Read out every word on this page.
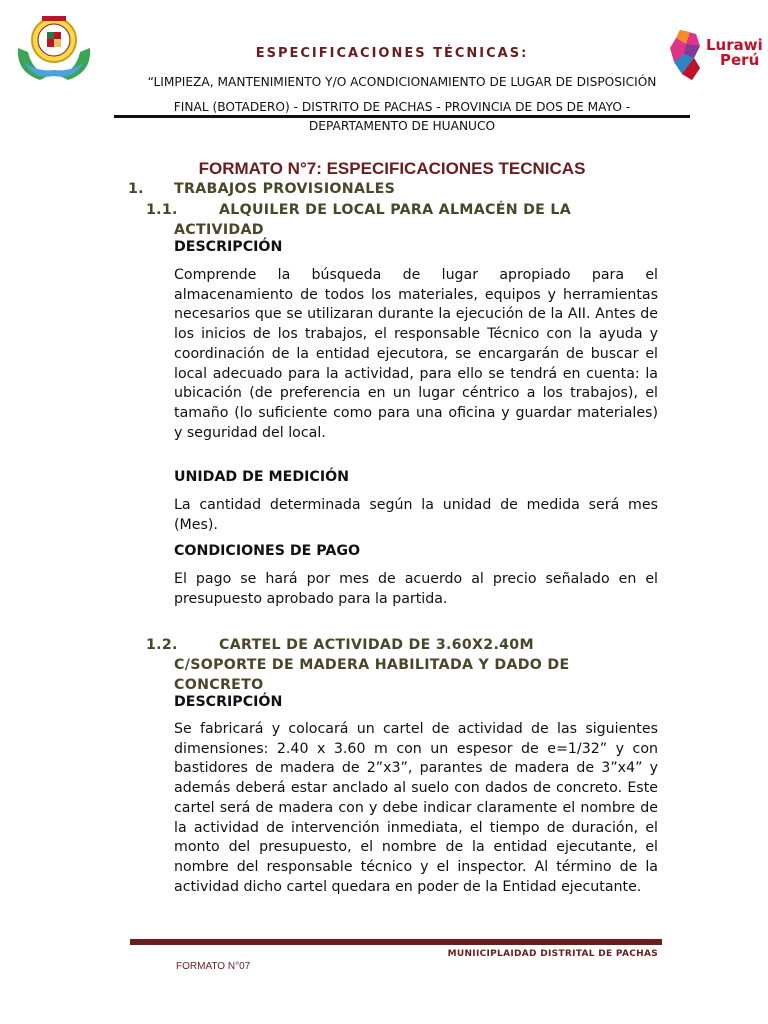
Lurawi
Perú
ESPECIFICACIONES TÉCNICAS:
“LIMPIEZA, MANTENIMIENTO Y/O ACONDICIONAMIENTO DE LUGAR DE DISPOSICIÓN
FINAL (BOTADERO) - DISTRITO DE PACHAS - PROVINCIA DE DOS DE MAYO -
DEPARTAMENTO DE HUANUCO
FORMATO N°7: ESPECIFICACIONES TECNICAS
1. TRABAJOS PROVISIONALES
1.1.	ALQUILER DE LOCAL PARA ALMACÉN DE LA
ACTIVIDAD
DESCRIPCIÓN
Comprende la búsqueda de lugar apropiado para el almacenamiento de todos los materiales, equipos y herramientas necesarios que se utilizaran durante la ejecución de la AII. Antes de los inicios de los trabajos, el responsable Técnico con la ayuda y coordinación de la entidad ejecutora, se encargarán de buscar el local adecuado para la actividad, para ello se tendrá en cuenta: la ubicación (de preferencia en un lugar céntrico a los trabajos), el tamaño (lo suficiente como para una oficina y guardar materiales) y seguridad del local.
UNIDAD DE MEDICIÓN
La cantidad determinada según la unidad de medida será mes (Mes).
CONDICIONES DE PAGO
El pago se hará por mes de acuerdo al precio señalado en el presupuesto aprobado para la partida.
1.2.	CARTEL DE ACTIVIDAD DE 3.60X2.40M
C/SOPORTE DE MADERA HABILITADA Y DADO DE
CONCRETO
DESCRIPCIÓN
Se fabricará y colocará un cartel de actividad de las siguientes dimensiones: 2.40 x 3.60 m con un espesor de e=1/32” y con bastidores de madera de 2”x3”, parantes de madera de 3”x4” y además deberá estar anclado al suelo con dados de concreto. Este cartel será de madera con y debe indicar claramente el nombre de la actividad de intervención inmediata, el tiempo de duración, el monto del presupuesto, el nombre de la entidad ejecutante, el nombre del responsable técnico y el inspector. Al término de la actividad dicho cartel quedara en poder de la Entidad ejecutante.
MUNIICIPLAIDAD DISTRITAL DE PACHAS
FORMATO N°07
